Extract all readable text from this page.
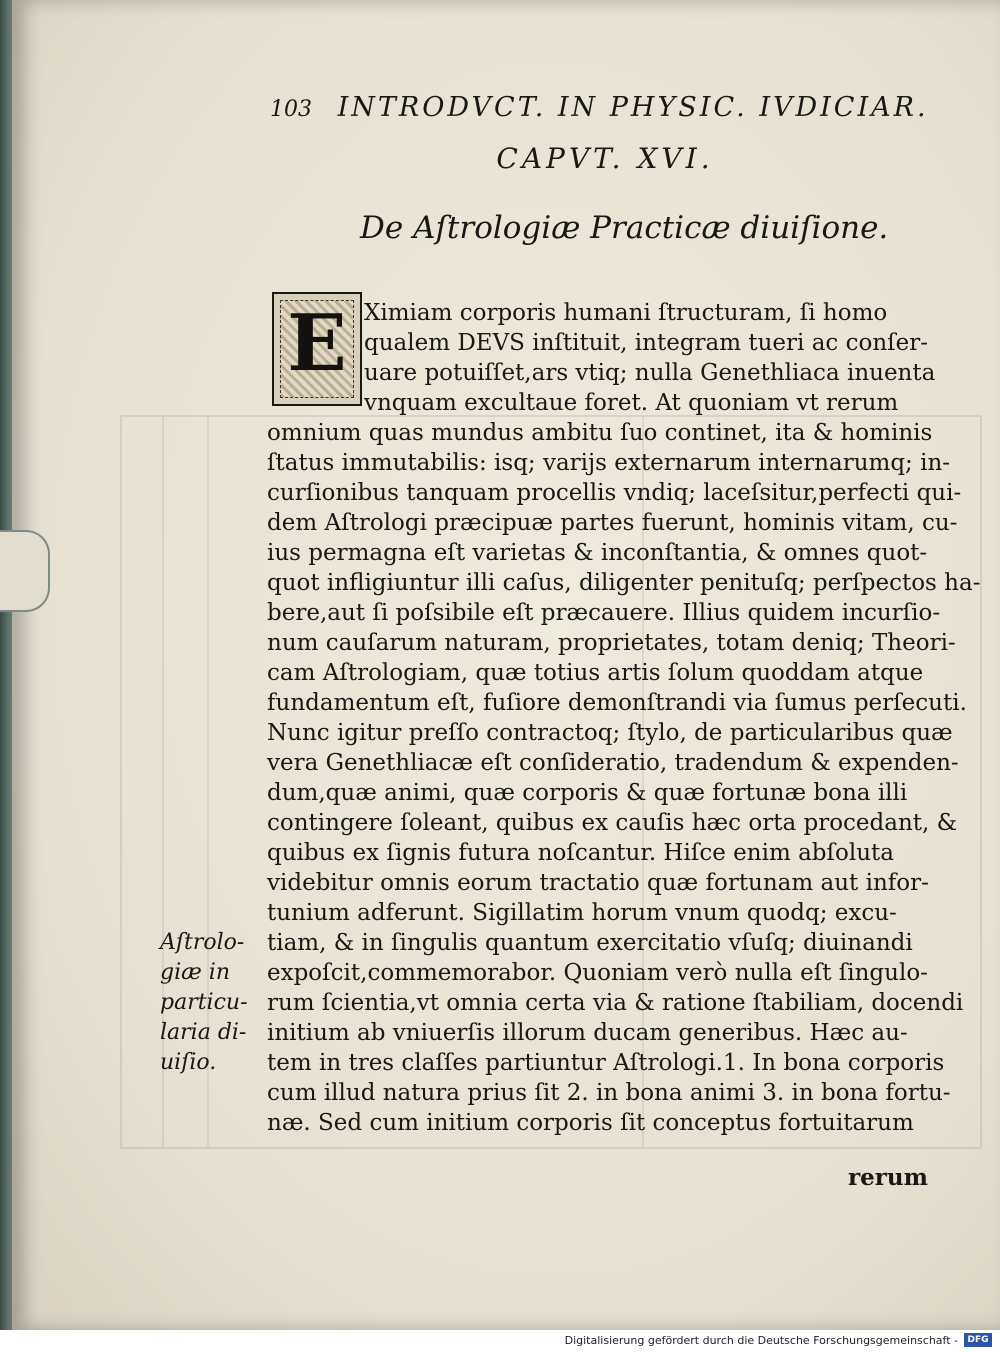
103 INTRODVCT. IN PHYSIC. IVDICIAR.
CAPVT. XVI.
De Aſtrologiæ Practicæ diuiſione.
E Ximiam corporis humani ſtructuram, ſi homo
qualem DEVS inſtituit, integram tueri ac conſer-
uare potuiſſet,ars vtiq; nulla Genethliaca inuenta
vnquam excultaue foret. At quoniam vt rerum
omnium quas mundus ambitu ſuo continet, ita & hominis
ſtatus immutabilis: isq; varijs externarum internarumq; in-
curſionibus tanquam procellis vndiq; laceſsitur,perfecti qui-
dem Aſtrologi præcipuæ partes fuerunt, hominis vitam, cu-
ius permagna eſt varietas & inconſtantia, & omnes quot-
quot infligiuntur illi caſus, diligenter penituſq; perſpectos ha-
bere,aut ſi poſsibile eſt præcauere. Illius quidem incurſio-
num cauſarum naturam, proprietates, totam deniq; Theori-
cam Aſtrologiam, quæ totius artis ſolum quoddam atque
fundamentum eſt, fuſiore demonſtrandi via ſumus perſecuti.
Nunc igitur preſſo contractoq; ſtylo, de particularibus quæ
vera Genethliacæ eſt conſideratio, tradendum & expenden-
dum,quæ animi, quæ corporis & quæ fortunæ bona illi
contingere ſoleant, quibus ex cauſis hæc orta procedant, &
quibus ex ſignis futura noſcantur. Hiſce enim abſoluta
videbitur omnis eorum tractatio quæ fortunam aut infor-
tunium adferunt. Sigillatim horum vnum quodq; excu-
tiam, & in ſingulis quantum exercitatio vſuſq; diuinandi
expoſcit,commemorabor. Quoniam verò nulla eſt ſingulo-
rum ſcientia,vt omnia certa via & ratione ſtabiliam, docendi
initium ab vniuerſis illorum ducam generibus. Hæc au-
tem in tres claſſes partiuntur Aſtrologi.1. In bona corporis
cum illud natura prius ſit 2. in bona animi 3. in bona fortu-
næ. Sed cum initium corporis ſit conceptus fortuitarum
Aſtrolo-
giæ in
particu-
laria di-
uiſio.
rerum
Digitalisierung gefördert durch die Deutsche Forschungsgemeinschaft -	DFG
